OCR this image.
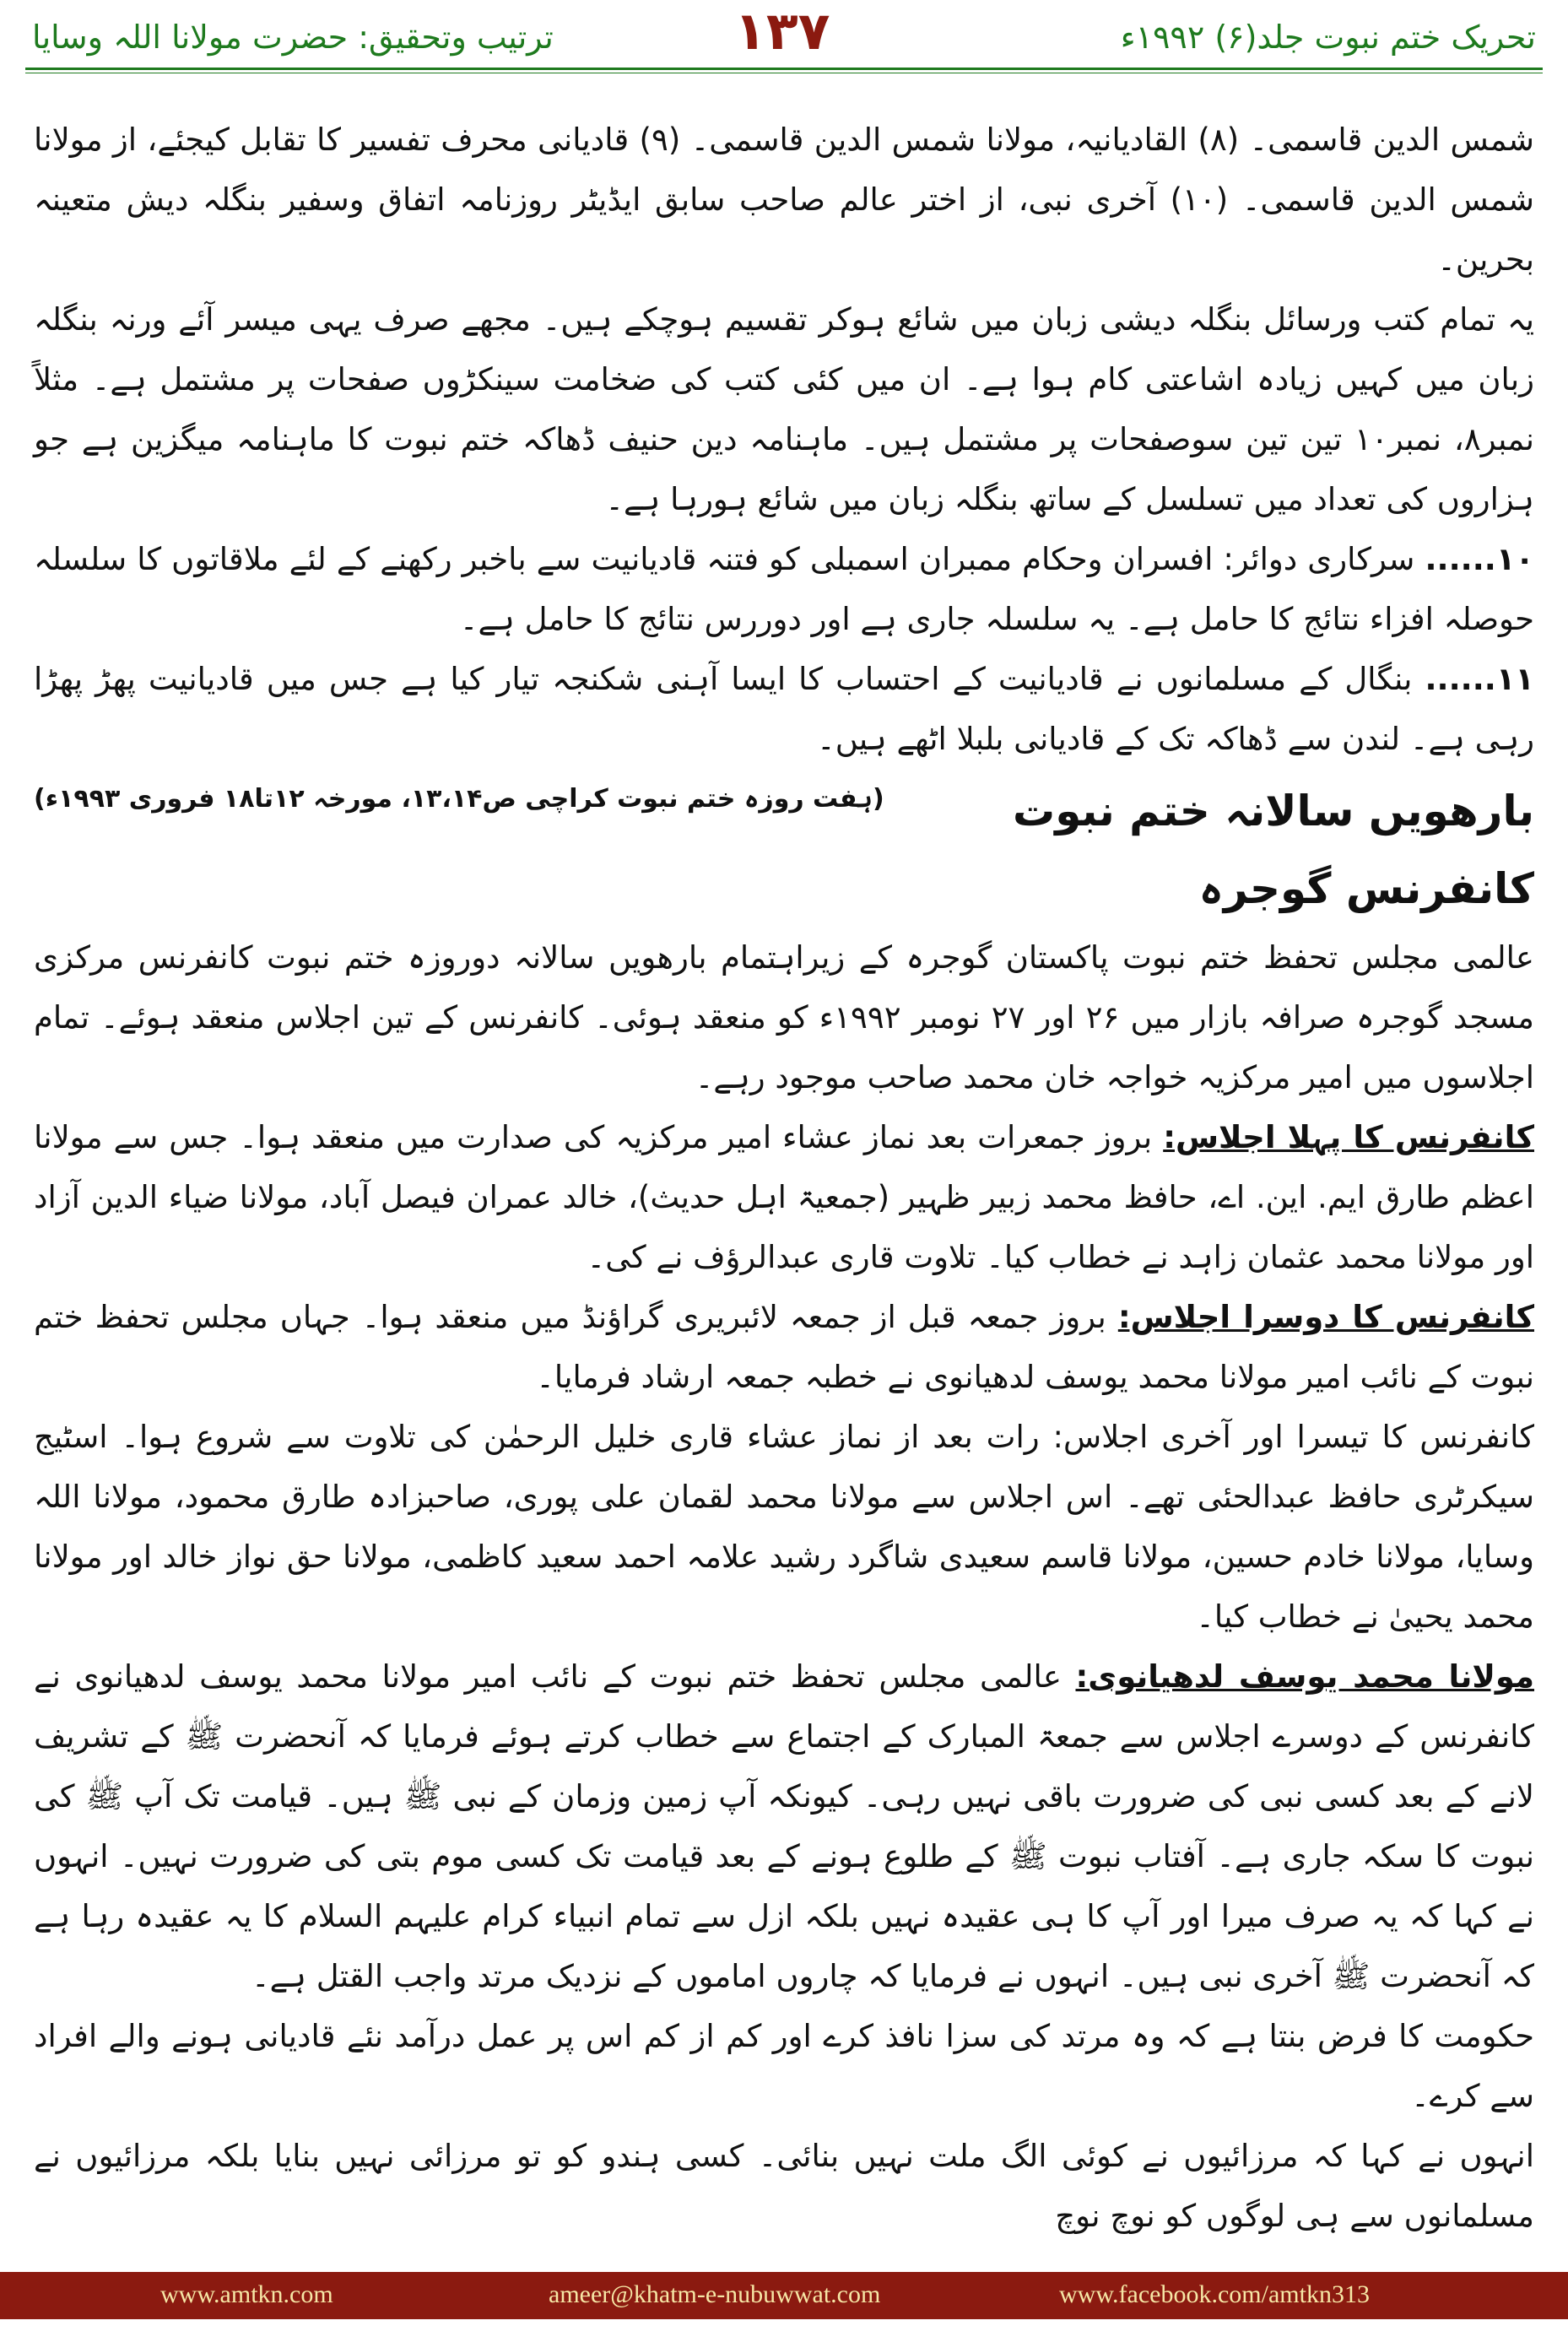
تحریک ختم نبوت جلد(۶) ۱۹۹۲ء
۱۳۷
ترتیب وتحقیق: حضرت مولانا اللہ وسایا

شمس الدین قاسمی۔ (۸) القادیانیہ، مولانا شمس الدین قاسمی۔ (۹) قادیانی محرف تفسیر کا تقابل کیجئے، از مولانا شمس الدین قاسمی۔ (۱۰) آخری نبی، از اختر عالم صاحب سابق ایڈیٹر روزنامہ اتفاق وسفیر بنگلہ دیش متعینہ بحرین۔

یہ تمام کتب ورسائل بنگلہ دیشی زبان میں شائع ہوکر تقسیم ہوچکے ہیں۔ مجھے صرف یہی میسر آئے ورنہ بنگلہ زبان میں کہیں زیادہ اشاعتی کام ہوا ہے۔ ان میں کئی کتب کی ضخامت سینکڑوں صفحات پر مشتمل ہے۔ مثلاً نمبر۸، نمبر۱۰ تین تین سوصفحات پر مشتمل ہیں۔ ماہنامہ دین حنیف ڈھاکہ ختم نبوت کا ماہنامہ میگزین ہے جو ہزاروں کی تعداد میں تسلسل کے ساتھ بنگلہ زبان میں شائع ہورہا ہے۔

۱۰...... سرکاری دوائر: افسران وحکام ممبران اسمبلی کو فتنہ قادیانیت سے باخبر رکھنے کے لئے ملاقاتوں کا سلسلہ حوصلہ افزاء نتائج کا حامل ہے۔ یہ سلسلہ جاری ہے اور دوررس نتائج کا حامل ہے۔

۱۱...... بنگال کے مسلمانوں نے قادیانیت کے احتساب کا ایسا آہنی شکنجہ تیار کیا ہے جس میں قادیانیت پھڑ پھڑا رہی ہے۔ لندن سے ڈھاکہ تک کے قادیانی بلبلا اٹھے ہیں۔
(ہفت روزہ ختم نبوت کراچی ص۱۳،۱۴، مورخہ ۱۲تا۱۸ فروری ۱۹۹۳ء)	بارھویں سالانہ ختم نبوت کانفرنس گوجرہ

عالمی مجلس تحفظ ختم نبوت پاکستان گوجرہ کے زیراہتمام بارھویں سالانہ دوروزہ ختم نبوت کانفرنس مرکزی مسجد گوجرہ صرافہ بازار میں ۲۶ اور ۲۷ نومبر ۱۹۹۲ء کو منعقد ہوئی۔ کانفرنس کے تین اجلاس منعقد ہوئے۔ تمام اجلاسوں میں امیر مرکزیہ خواجہ خان محمد صاحب موجود رہے۔

کانفرنس کا پہلا اجلاس: بروز جمعرات بعد نماز عشاء امیر مرکزیہ کی صدارت میں منعقد ہوا۔ جس سے مولانا اعظم طارق ایم. این. اے، حافظ محمد زبیر ظہیر (جمعیۃ اہل حدیث)، خالد عمران فیصل آباد، مولانا ضیاء الدین آزاد اور مولانا محمد عثمان زاہد نے خطاب کیا۔ تلاوت قاری عبدالرؤف نے کی۔

کانفرنس کا دوسرا اجلاس: بروز جمعہ قبل از جمعہ لائبریری گراؤنڈ میں منعقد ہوا۔ جہاں مجلس تحفظ ختم نبوت کے نائب امیر مولانا محمد یوسف لدھیانوی نے خطبہ جمعہ ارشاد فرمایا۔

کانفرنس کا تیسرا اور آخری اجلاس: رات بعد از نماز عشاء قاری خلیل الرحمٰن کی تلاوت سے شروع ہوا۔ اسٹیج سیکرٹری حافظ عبدالحئی تھے۔ اس اجلاس سے مولانا محمد لقمان علی پوری، صاحبزادہ طارق محمود، مولانا اللہ وسایا، مولانا خادم حسین، مولانا قاسم سعیدی شاگرد رشید علامہ احمد سعید کاظمی، مولانا حق نواز خالد اور مولانا محمد یحییٰ نے خطاب کیا۔

مولانا محمد یوسف لدھیانوی: عالمی مجلس تحفظ ختم نبوت کے نائب امیر مولانا محمد یوسف لدھیانوی نے کانفرنس کے دوسرے اجلاس سے جمعۃ المبارک کے اجتماع سے خطاب کرتے ہوئے فرمایا کہ آنحضرت ﷺ کے تشریف لانے کے بعد کسی نبی کی ضرورت باقی نہیں رہی۔ کیونکہ آپ زمین وزمان کے نبی ﷺ ہیں۔ قیامت تک آپ ﷺ کی نبوت کا سکہ جاری ہے۔ آفتاب نبوت ﷺ کے طلوع ہونے کے بعد قیامت تک کسی موم بتی کی ضرورت نہیں۔ انہوں نے کہا کہ یہ صرف میرا اور آپ کا ہی عقیدہ نہیں بلکہ ازل سے تمام انبیاء کرام علیہم السلام کا یہ عقیدہ رہا ہے کہ آنحضرت ﷺ آخری نبی ہیں۔ انہوں نے فرمایا کہ چاروں اماموں کے نزدیک مرتد واجب القتل ہے۔

حکومت کا فرض بنتا ہے کہ وہ مرتد کی سزا نافذ کرے اور کم از کم اس پر عمل درآمد نئے قادیانی ہونے والے افراد سے کرے۔

انہوں نے کہا کہ مرزائیوں نے کوئی الگ ملت نہیں بنائی۔ کسی ہندو کو تو مرزائی نہیں بنایا بلکہ مرزائیوں نے مسلمانوں سے ہی لوگوں کو نوچ نوچ

www.amtkn.com	ameer@khatm-e-nubuwwat.com	www.facebook.com/amtkn313
